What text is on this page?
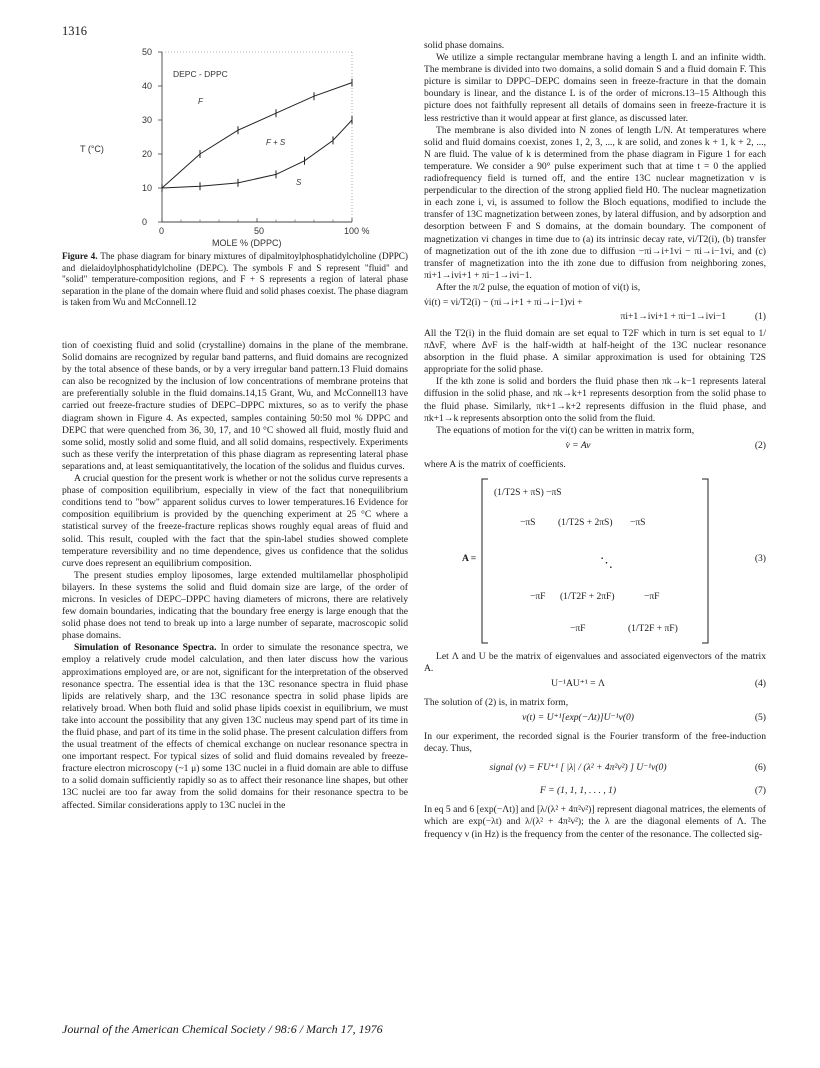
1316
T (°C)
MOLE % (DPPC)
DEPC - DPPC
F
F + S
S
50
40
30
20
10
0
0	50	100 %
Figure 4. The phase diagram for binary mixtures of dipalmitoylphosphatidylcholine (DPPC) and dielaidoylphosphatidylcholine (DEPC). The symbols F and S represent "fluid" and "solid" temperature-composition regions, and F + S represents a region of lateral phase separation in the plane of the domain where fluid and solid phases coexist. The phase diagram is taken from Wu and McConnell.12

tion of coexisting fluid and solid (crystalline) domains in the plane of the membrane. Solid domains are recognized by regular band patterns, and fluid domains are recognized by the total absence of these bands, or by a very irregular band pattern.13 Fluid domains can also be recognized by the inclusion of low concentrations of membrane proteins that are preferentially soluble in the fluid domains.14,15 Grant, Wu, and McConnell13 have carried out freeze-fracture studies of DEPC–DPPC mixtures, so as to verify the phase diagram shown in Figure 4. As expected, samples containing 50:50 mol % DPPC and DEPC that were quenched from 36, 30, 17, and 10 °C showed all fluid, mostly fluid and some solid, mostly solid and some fluid, and all solid domains, respectively. Experiments such as these verify the interpretation of this phase diagram as representing lateral phase separations and, at least semiquantitatively, the location of the solidus and fluidus curves.

A crucial question for the present work is whether or not the solidus curve represents a phase of composition equilibrium, especially in view of the fact that nonequilibrium conditions tend to "bow" apparent solidus curves to lower temperatures.16 Evidence for composition equilibrium is provided by the quenching experiment at 25 °C where a statistical survey of the freeze-fracture replicas shows roughly equal areas of fluid and solid. This result, coupled with the fact that the spin-label studies showed complete temperature reversibility and no time dependence, gives us confidence that the solidus curve does represent an equilibrium composition.

The present studies employ liposomes, large extended multilamellar phospholipid bilayers. In these systems the solid and fluid domain size are large, of the order of microns. In vesicles of DEPC–DPPC having diameters of microns, there are relatively few domain boundaries, indicating that the boundary free energy is large enough that the solid phase does not tend to break up into a large number of separate, macroscopic solid phase domains.

Simulation of Resonance Spectra. In order to simulate the resonance spectra, we employ a relatively crude model calculation, and then later discuss how the various approximations employed are, or are not, significant for the interpretation of the observed resonance spectra. The essential idea is that the 13C resonance spectra in fluid phase lipids are relatively sharp, and the 13C resonance spectra in solid phase lipids are relatively broad. When both fluid and solid phase lipids coexist in equilibrium, we must take into account the possibility that any given 13C nucleus may spend part of its time in the fluid phase, and part of its time in the solid phase. The present calculation differs from the usual treatment of the effects of chemical exchange on nuclear resonance spectra in one important respect. For typical sizes of solid and fluid domains revealed by freeze-fracture electron microscopy (~1 μ) some 13C nuclei in a fluid domain are able to diffuse to a solid domain sufficiently rapidly so as to affect their resonance line shapes, but other 13C nuclei are too far away from the solid domains for their resonance spectra to be affected. Similar considerations apply to 13C nuclei in the

solid phase domains.

We utilize a simple rectangular membrane having a length L and an infinite width. The membrane is divided into two domains, a solid domain S and a fluid domain F. This picture is similar to DPPC–DEPC domains seen in freeze-fracture in that the domain boundary is linear, and the distance L is of the order of microns.13–15 Although this picture does not faithfully represent all details of domains seen in freeze-fracture it is less restrictive than it would appear at first glance, as discussed later.

The membrane is also divided into N zones of length L/N. At temperatures where solid and fluid domains coexist, zones 1, 2, 3, ..., k are solid, and zones k + 1, k + 2, ..., N are fluid. The value of k is determined from the phase diagram in Figure 1 for each temperature. We consider a 90° pulse experiment such that at time t = 0 the applied radiofrequency field is turned off, and the entire 13C nuclear magnetization v is perpendicular to the direction of the strong applied field H0. The nuclear magnetization in each zone i, vi, is assumed to follow the Bloch equations, modified to include the transfer of 13C magnetization between zones, by lateral diffusion, and by adsorption and desorption between F and S domains, at the domain boundary. The component of magnetization vi changes in time due to (a) its intrinsic decay rate, vi/T2(i), (b) transfer of magnetization out of the ith zone due to diffusion −πi→i+1vi − πi→i−1vi, and (c) transfer of magnetization into the ith zone due to diffusion from neighboring zones, πi+1→ivi+1 + πi−1→ivi−1.

After the π/2 pulse, the equation of motion of vi(t) is,

v̇i(t) = vi/T2(i) − (πi→i+1 + πi→i−1)vi +
πi+1→ivi+1 + πi−1→ivi−1	(1)

All the T2(i) in the fluid domain are set equal to T2F which in turn is set equal to 1/πΔνF, where ΔνF is the half-width at half-height of the 13C nuclear resonance absorption in the fluid phase. A similar approximation is used for obtaining T2S appropriate for the solid phase.

If the kth zone is solid and borders the fluid phase then πk→k−1 represents lateral diffusion in the solid phase, and πk→k+1 represents desorption from the solid phase to the fluid phase. Similarly, πk+1→k+2 represents diffusion in the fluid phase, and πk+1→k represents absorption onto the solid from the fluid.

The equations of motion for the vi(t) can be written in matrix form,

v̇ = Av	(2)

where A is the matrix of coefficients.

A =
(1/T2S + πS) −πS
−πS (1/T2S + 2πS) −πS
⋱
−πF (1/T2F + 2πF)	−πF
−πF	(1/T2F + πF)
(3)

Let Λ and U be the matrix of eigenvalues and associated eigenvectors of the matrix A.

U⁻¹AU⁺¹ = Λ	(4)

The solution of (2) is, in matrix form,

v(t) = U⁺¹[exp(−Λt)]U⁻¹v(0)	(5)

In our experiment, the recorded signal is the Fourier transform of the free-induction decay. Thus,

signal (ν) = FU⁺¹ [ |λ| / (λ² + 4π²ν²) ] U⁻¹v(0)	(6)
F = (1, 1, 1, . . . , 1)	(7)

In eq 5 and 6 [exp(−Λt)] and [λ/(λ² + 4π²ν²)] represent diagonal matrices, the elements of which are exp(−λt) and λ/(λ² + 4π²ν²); the λ are the diagonal elements of Λ. The frequency ν (in Hz) is the frequency from the center of the resonance. The collected sig-

Journal of the American Chemical Society / 98:6 / March 17, 1976
